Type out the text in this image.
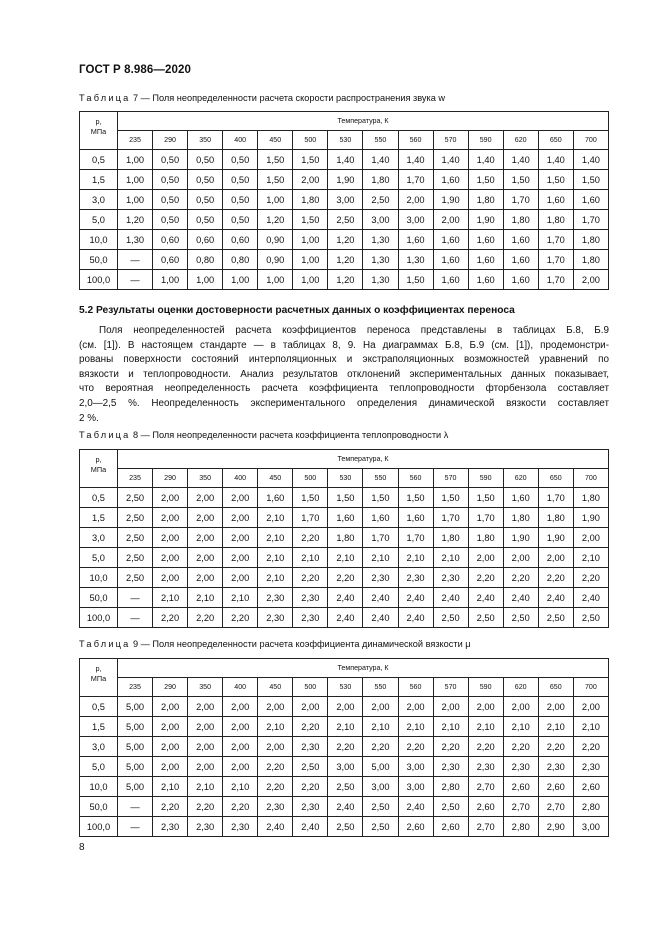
ГОСТ Р 8.986—2020
Таблица 7 — Поля неопределенности расчета скорости распространения звука w
p,
МПа	Температура, К													
	235	290	350	400	450	500	530	550	560	570	590	620	650	700
0,5	1,00	0,50	0,50	0,50	1,50	1,50	1,40	1,40	1,40	1,40	1,40	1,40	1,40	1,40
1,5	1,00	0,50	0,50	0,50	1,50	2,00	1,90	1,80	1,70	1,60	1,50	1,50	1,50	1,50
3,0	1,00	0,50	0,50	0,50	1,00	1,80	3,00	2,50	2,00	1,90	1,80	1,70	1,60	1,60
5,0	1,20	0,50	0,50	0,50	1,20	1,50	2,50	3,00	3,00	2,00	1,90	1,80	1,80	1,70
10,0	1,30	0,60	0,60	0,60	0,90	1,00	1,20	1,30	1,60	1,60	1,60	1,60	1,70	1,80
50,0	—	0,60	0,80	0,80	0,90	1,00	1,20	1,30	1,30	1,60	1,60	1,60	1,70	1,80
100,0	—	1,00	1,00	1,00	1,00	1,00	1,20	1,30	1,50	1,60	1,60	1,60	1,70	2,00
5.2 Результаты оценки достоверности расчетных данных о коэффициентах переноса
Поля неопределенностей расчета коэффициентов переноса представлены в таблицах Б.8, Б.9
(см. [1]). В настоящем стандарте — в таблицах 8, 9. На диаграммах Б.8, Б.9 (см. [1]), продемонстри-
рованы поверхности состояний интерполяционных и экстраполяционных возможностей уравнений по
вязкости и теплопроводности. Анализ результатов отклонений экспериментальных данных показывает,
что вероятная неопределенность расчета коэффициента теплопроводности фторбензола составляет
2,0—2,5 %. Неопределенность экспериментального определения динамической вязкости составляет
2 %.
Таблица 8 — Поля неопределенности расчета коэффициента теплопроводности λ
p,
МПа	Температура, К													
	235	290	350	400	450	500	530	550	560	570	590	620	650	700
0,5	2,50	2,00	2,00	2,00	1,60	1,50	1,50	1,50	1,50	1,50	1,50	1,60	1,70	1,80
1,5	2,50	2,00	2,00	2,00	2,10	1,70	1,60	1,60	1,60	1,70	1,70	1,80	1,80	1,90
3,0	2,50	2,00	2,00	2,00	2,10	2,20	1,80	1,70	1,70	1,80	1,80	1,90	1,90	2,00
5,0	2,50	2,00	2,00	2,00	2,10	2,10	2,10	2,10	2,10	2,10	2,00	2,00	2,00	2,10
10,0	2,50	2,00	2,00	2,00	2,10	2,20	2,20	2,30	2,30	2,30	2,20	2,20	2,20	2,20
50,0	—	2,10	2,10	2,10	2,30	2,30	2,40	2,40	2,40	2,40	2,40	2,40	2,40	2,40
100,0	—	2,20	2,20	2,20	2,30	2,30	2,40	2,40	2,40	2,50	2,50	2,50	2,50	2,50
Таблица 9 — Поля неопределенности расчета коэффициента динамической вязкости μ
p,
МПа	Температура, К													
	235	290	350	400	450	500	530	550	560	570	590	620	650	700
0,5	5,00	2,00	2,00	2,00	2,00	2,00	2,00	2,00	2,00	2,00	2,00	2,00	2,00	2,00
1,5	5,00	2,00	2,00	2,00	2,10	2,20	2,10	2,10	2,10	2,10	2,10	2,10	2,10	2,10
3,0	5,00	2,00	2,00	2,00	2,00	2,30	2,20	2,20	2,20	2,20	2,20	2,20	2,20	2,20
5,0	5,00	2,00	2,00	2,00	2,20	2,50	3,00	5,00	3,00	2,30	2,30	2,30	2,30	2,30
10,0	5,00	2,10	2,10	2,10	2,20	2,20	2,50	3,00	3,00	2,80	2,70	2,60	2,60	2,60
50,0	—	2,20	2,20	2,20	2,30	2,30	2,40	2,50	2,40	2,50	2,60	2,70	2,70	2,80
100,0	—	2,30	2,30	2,30	2,40	2,40	2,50	2,50	2,60	2,60	2,70	2,80	2,90	3,00
8
